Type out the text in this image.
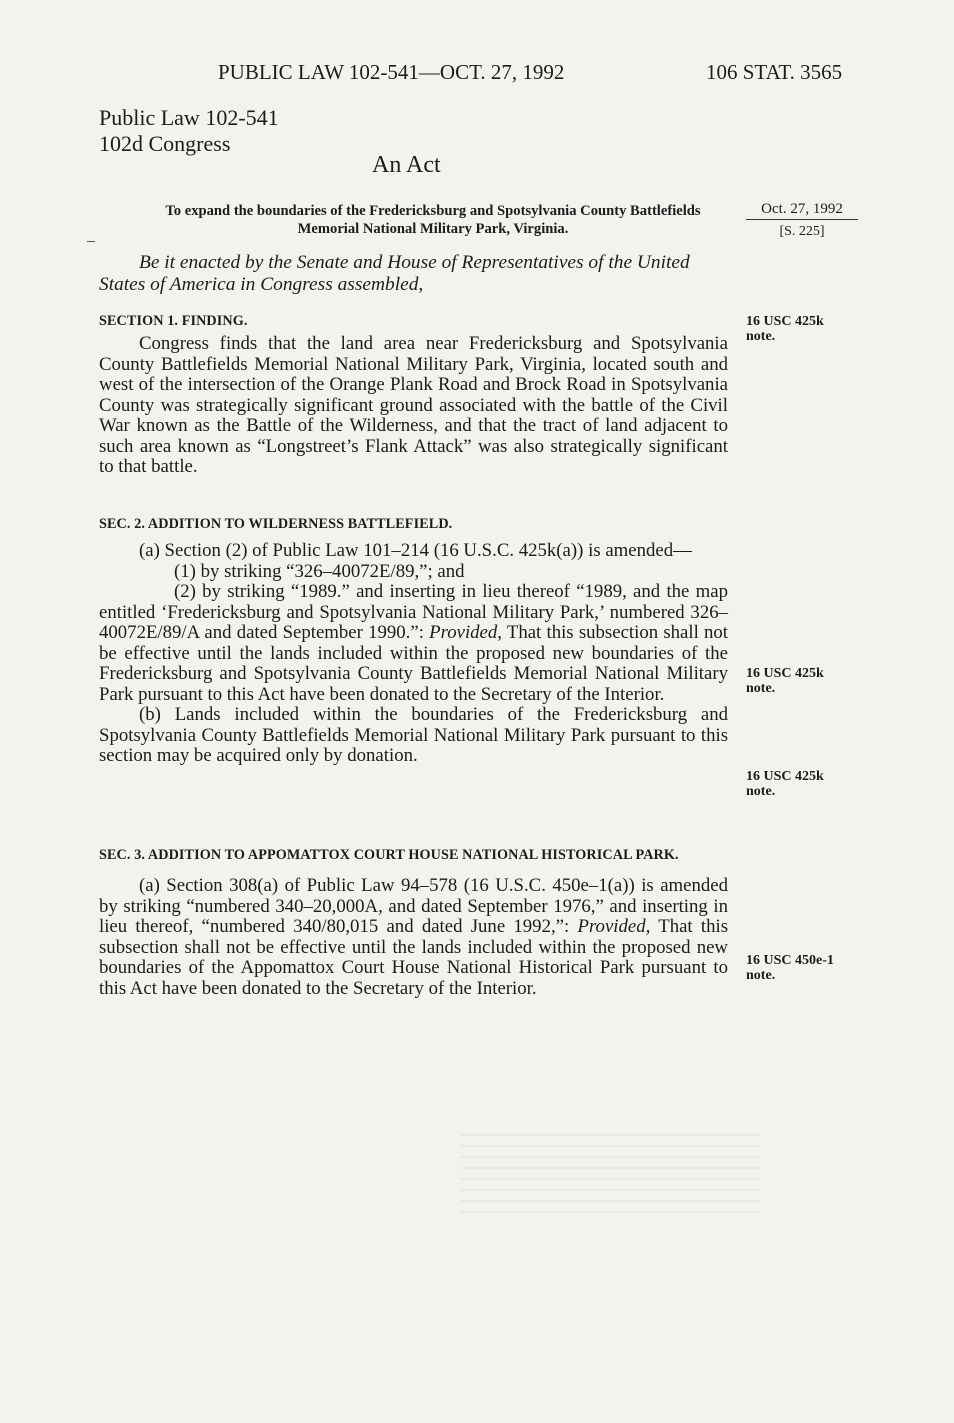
PUBLIC LAW 102-541—OCT. 27, 1992	106 STAT. 3565
Public Law 102-541
102d Congress
An Act
To expand the boundaries of the Fredericksburg and Spotsylvania County Battlefields Memorial National Military Park, Virginia.
Oct. 27, 1992
[S. 225]
Be it enacted by the Senate and House of Representatives of the United States of America in Congress assembled,
SECTION 1. FINDING.

Congress finds that the land area near Fredericksburg and Spotsylvania County Battlefields Memorial National Military Park, Virginia, located south and west of the intersection of the Orange Plank Road and Brock Road in Spotsylvania County was strategically significant ground associated with the battle of the Civil War known as the Battle of the Wilderness, and that the tract of land adjacent to such area known as “Longstreet’s Flank Attack” was also strategically significant to that battle.

16 USC 425k note.
SEC. 2. ADDITION TO WILDERNESS BATTLEFIELD.

(a) Section (2) of Public Law 101–214 (16 U.S.C. 425k(a)) is amended—

(1) by striking “326–40072E/89,”; and

(2) by striking “1989.” and inserting in lieu thereof “1989, and the map entitled ‘Fredericksburg and Spotsylvania National Military Park,’ numbered 326–40072E/89/A and dated September 1990.”: Provided, That this subsection shall not be effective until the lands included within the proposed new boundaries of the Fredericksburg and Spotsylvania County Battlefields Memorial National Military Park pursuant to this Act have been donated to the Secretary of the Interior.

(b) Lands included within the boundaries of the Fredericksburg and Spotsylvania County Battlefields Memorial National Military Park pursuant to this section may be acquired only by donation.

16 USC 425k note.
16 USC 425k note.
SEC. 3. ADDITION TO APPOMATTOX COURT HOUSE NATIONAL HISTORICAL PARK.

(a) Section 308(a) of Public Law 94–578 (16 U.S.C. 450e–1(a)) is amended by striking “numbered 340–20,000A, and dated September 1976,” and inserting in lieu thereof, “numbered 340/80,015 and dated June 1992,”: Provided, That this subsection shall not be effective until the lands included within the proposed new boundaries of the Appomattox Court House National Historical Park pursuant to this Act have been donated to the Secretary of the Interior.

16 USC 450e-1 note.
